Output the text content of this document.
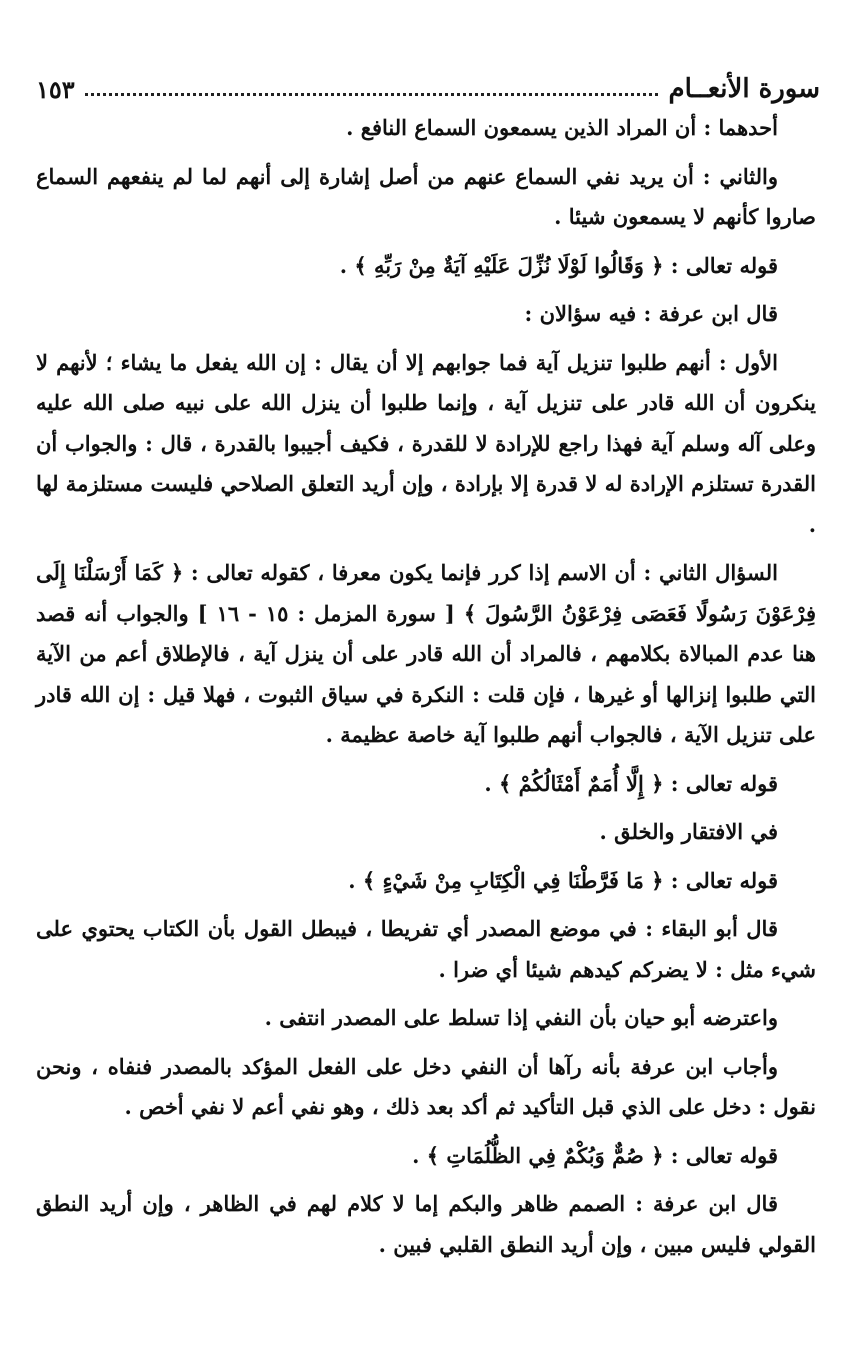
سورة الأنعــام
١٥٣

أحدهما : أن المراد الذين يسمعون السماع النافع .

والثاني : أن يريد نفي السماع عنهم من أصل إشارة إلى أنهم لما لم ينفعهم السماع صاروا كأنهم لا يسمعون شيئا .

قوله تعالى : ﴿ وَقَالُوا لَوْلَا نُزِّلَ عَلَيْهِ آيَةٌ مِنْ رَبِّهِ ﴾ .

قال ابن عرفة : فيه سؤالان :

الأول : أنهم طلبوا تنزيل آية فما جوابهم إلا أن يقال : إن الله يفعل ما يشاء ؛ لأنهم لا ينكرون أن الله قادر على تنزيل آية ، وإنما طلبوا أن ينزل الله على نبيه صلى الله عليه وعلى آله وسلم آية فهذا راجع للإرادة لا للقدرة ، فكيف أجيبوا بالقدرة ، قال : والجواب أن القدرة تستلزم الإرادة له لا قدرة إلا بإرادة ، وإن أريد التعلق الصلاحي فليست مستلزمة لها .

السؤال الثاني : أن الاسم إذا كرر فإنما يكون معرفا ، كقوله تعالى : ﴿ كَمَا أَرْسَلْنَا إِلَى فِرْعَوْنَ رَسُولًا فَعَصَى فِرْعَوْنُ الرَّسُولَ ﴾ [ سورة المزمل : ١٥ - ١٦ ] والجواب أنه قصد هنا عدم المبالاة بكلامهم ، فالمراد أن الله قادر على أن ينزل آية ، فالإطلاق أعم من الآية التي طلبوا إنزالها أو غيرها ، فإن قلت : النكرة في سياق الثبوت ، فهلا قيل : إن الله قادر على تنزيل الآية ، فالجواب أنهم طلبوا آية خاصة عظيمة .

قوله تعالى : ﴿ إِلَّا أُمَمٌ أَمْثَالُكُمْ ﴾ .

في الافتقار والخلق .

قوله تعالى : ﴿ مَا فَرَّطْنَا فِي الْكِتَابِ مِنْ شَيْءٍ ﴾ .

قال أبو البقاء : في موضع المصدر أي تفريطا ، فيبطل القول بأن الكتاب يحتوي على شيء مثل : لا يضركم كيدهم شيئا أي ضرا .

واعترضه أبو حيان بأن النفي إذا تسلط على المصدر انتفى .

وأجاب ابن عرفة بأنه رآها أن النفي دخل على الفعل المؤكد بالمصدر فنفاه ، ونحن نقول : دخل على الذي قبل التأكيد ثم أكد بعد ذلك ، وهو نفي أعم لا نفي أخص .

قوله تعالى : ﴿ صُمٌّ وَبُكْمٌ فِي الظُّلُمَاتِ ﴾ .

قال ابن عرفة : الصمم ظاهر والبكم إما لا كلام لهم في الظاهر ، وإن أريد النطق القولي فليس مبين ، وإن أريد النطق القلبي فبين .
